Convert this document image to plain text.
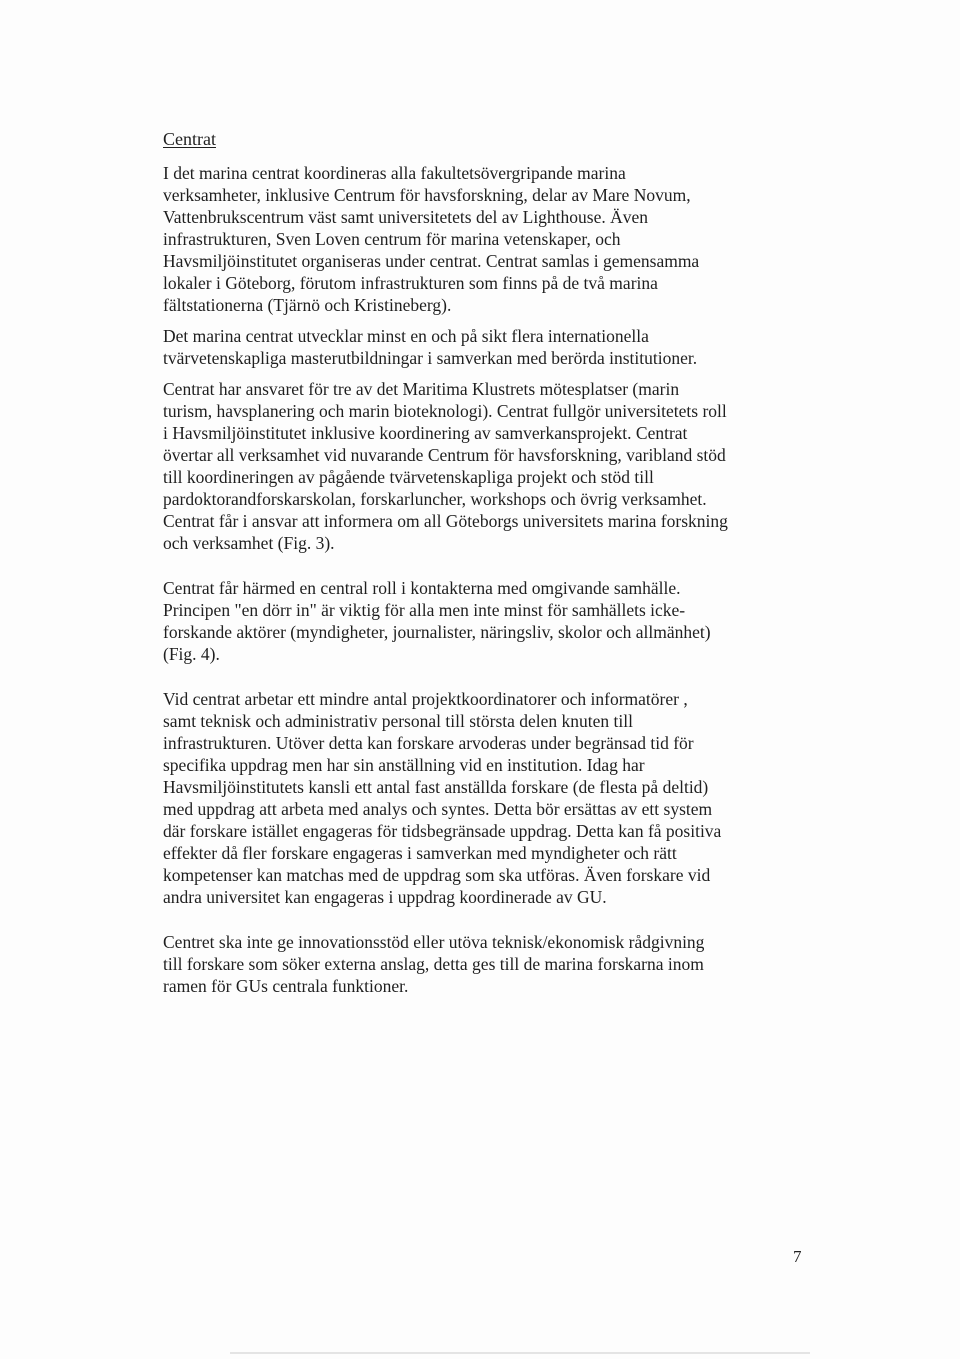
Centrat

I det marina centrat koordineras alla fakultetsövergripande marina
verksamheter, inklusive Centrum för havsforskning, delar av Mare Novum,
Vattenbrukscentrum väst samt universitetets del av Lighthouse. Även
infrastrukturen, Sven Loven centrum för marina vetenskaper, och
Havsmiljöinstitutet organiseras under centrat. Centrat samlas i gemensamma
lokaler i Göteborg, förutom infrastrukturen som finns på de två marina
fältstationerna (Tjärnö och Kristineberg).

Det marina centrat utvecklar minst en och på sikt flera internationella
tvärvetenskapliga masterutbildningar i samverkan med berörda institutioner.

Centrat har ansvaret för tre av det Maritima Klustrets mötesplatser (marin
turism, havsplanering och marin bioteknologi). Centrat fullgör universitetets roll
i Havsmiljöinstitutet inklusive koordinering av samverkansprojekt. Centrat
övertar all verksamhet vid nuvarande Centrum för havsforskning, varibland stöd
till koordineringen av pågående tvärvetenskapliga projekt och stöd till
pardoktorandforskarskolan, forskarluncher, workshops och övrig verksamhet.
Centrat får i ansvar att informera om all Göteborgs universitets marina forskning
och verksamhet (Fig. 3).

Centrat får härmed en central roll i kontakterna med omgivande samhälle.
Principen "en dörr in" är viktig för alla men inte minst för samhällets icke-
forskande aktörer (myndigheter, journalister, näringsliv, skolor och allmänhet)
(Fig. 4).

Vid centrat arbetar ett mindre antal projektkoordinatorer och informatörer ,
samt teknisk och administrativ personal till största delen knuten till
infrastrukturen. Utöver detta kan forskare arvoderas under begränsad tid för
specifika uppdrag men har sin anställning vid en institution. Idag har
Havsmiljöinstitutets kansli ett antal fast anställda forskare (de flesta på deltid)
med uppdrag att arbeta med analys och syntes. Detta bör ersättas av ett system
där forskare istället engageras för tidsbegränsade uppdrag. Detta kan få positiva
effekter då fler forskare engageras i samverkan med myndigheter och rätt
kompetenser kan matchas med de uppdrag som ska utföras. Även forskare vid
andra universitet kan engageras i uppdrag koordinerade av GU.

Centret ska inte ge innovationsstöd eller utöva teknisk/ekonomisk rådgivning
till forskare som söker externa anslag, detta ges till de marina forskarna inom
ramen för GUs centrala funktioner.

7
